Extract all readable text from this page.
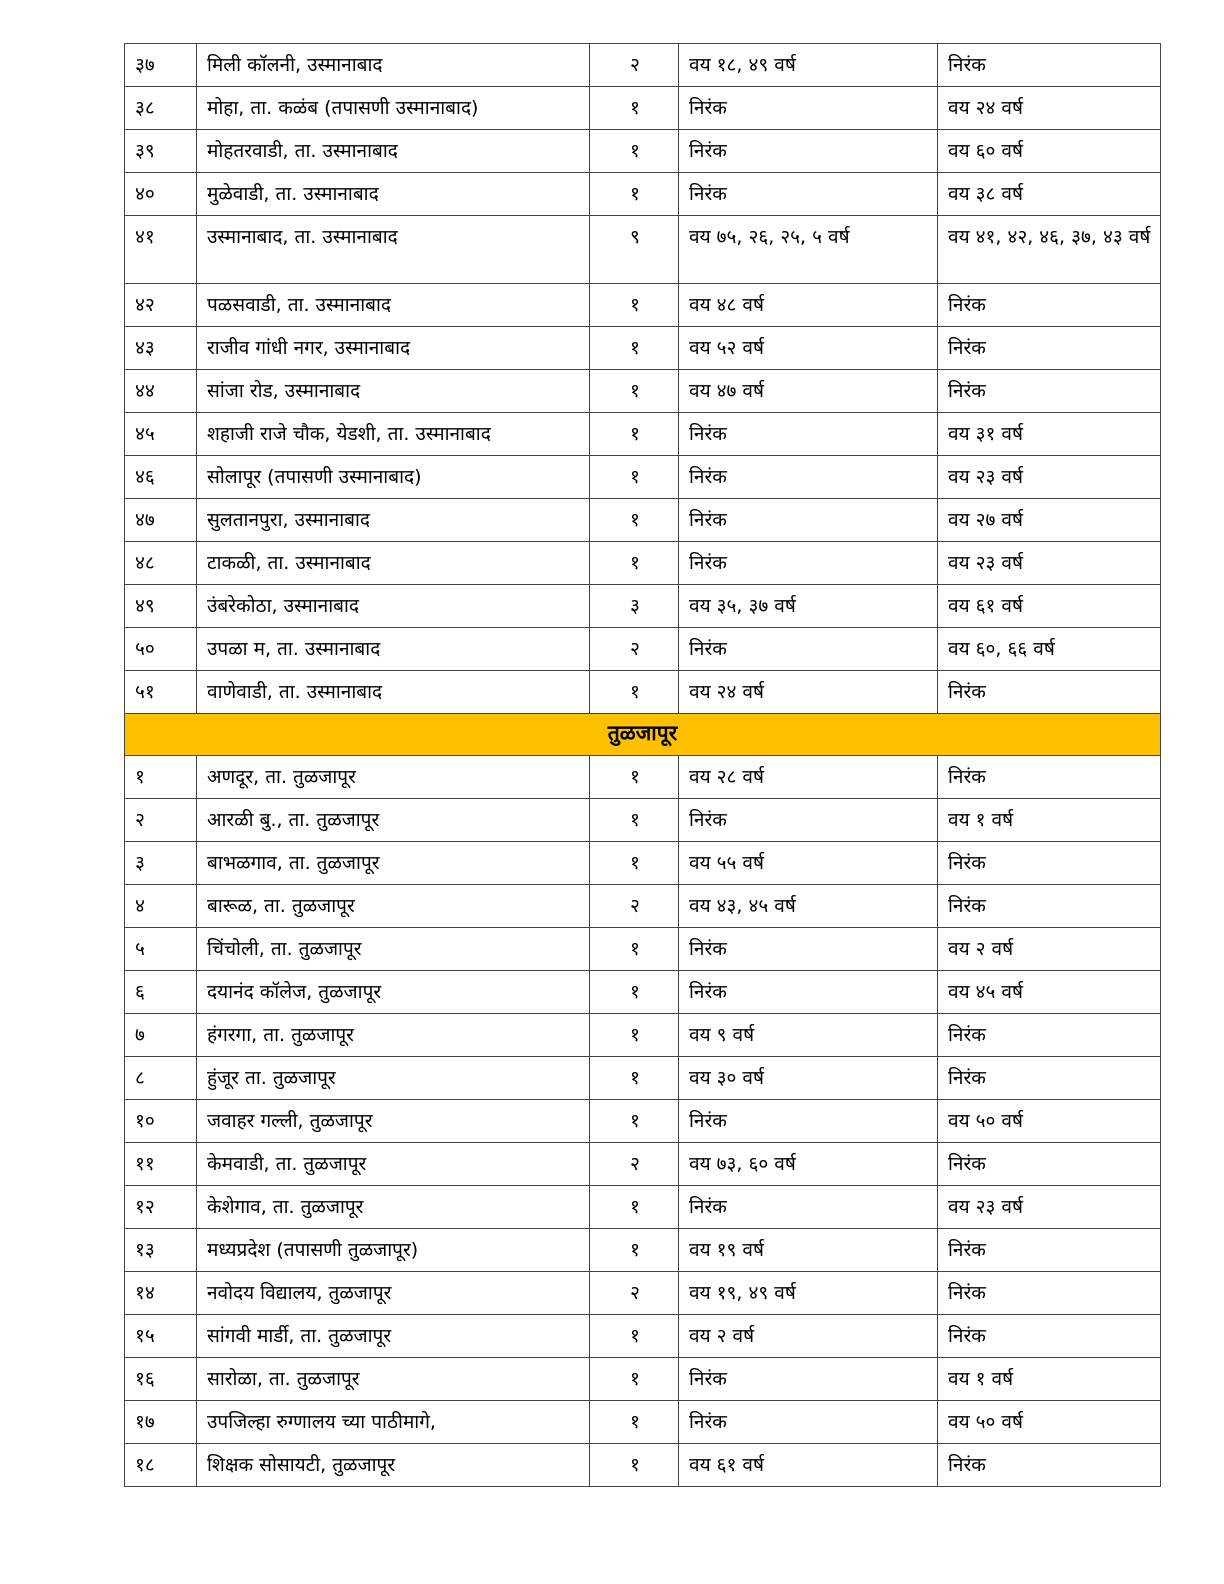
३७	मिली कॉलनी, उस्मानाबाद	२	वय १८, ४९ वर्ष	निरंक
३८	मोहा, ता. कळंब (तपासणी उस्मानाबाद)	१	निरंक	वय २४ वर्ष
३९	मोहतरवाडी, ता. उस्मानाबाद	१	निरंक	वय ६० वर्ष
४०	मुळेवाडी, ता. उस्मानाबाद	१	निरंक	वय ३८ वर्ष
४१	उस्मानाबाद, ता. उस्मानाबाद	९	वय ७५, २६, २५, ५ वर्ष	वय ४१, ४२, ४६, ३७, ४३ वर्ष
४२	पळसवाडी, ता. उस्मानाबाद	१	वय ४८ वर्ष	निरंक
४३	राजीव गांधी नगर, उस्मानाबाद	१	वय ५२ वर्ष	निरंक
४४	सांजा रोड, उस्मानाबाद	१	वय ४७ वर्ष	निरंक
४५	शहाजी राजे चौक, येडशी, ता. उस्मानाबाद	१	निरंक	वय ३१ वर्ष
४६	सोलापूर (तपासणी उस्मानाबाद)	१	निरंक	वय २३ वर्ष
४७	सुलतानपुरा, उस्मानाबाद	१	निरंक	वय २७ वर्ष
४८	टाकळी, ता. उस्मानाबाद	१	निरंक	वय २३ वर्ष
४९	उंबरेकोठा, उस्मानाबाद	३	वय ३५, ३७ वर्ष	वय ६१ वर्ष
५०	उपळा म, ता. उस्मानाबाद	२	निरंक	वय ६०, ६६ वर्ष
५१	वाणेवाडी, ता. उस्मानाबाद	१	वय २४ वर्ष	निरंक
तुळजापूर				
१	अणदूर, ता. तुळजापूर	१	वय २८ वर्ष	निरंक
२	आरळी बु., ता. तुळजापूर	१	निरंक	वय १ वर्ष
३	बाभळगाव, ता. तुळजापूर	१	वय ५५ वर्ष	निरंक
४	बारूळ, ता. तुळजापूर	२	वय ४३, ४५ वर्ष	निरंक
५	चिंचोली, ता. तुळजापूर	१	निरंक	वय २ वर्ष
६	दयानंद कॉलेज, तुळजापूर	१	निरंक	वय ४५ वर्ष
७	हंगरगा, ता. तुळजापूर	१	वय ९ वर्ष	निरंक
८	हुंजूर ता. तुळजापूर	१	वय ३० वर्ष	निरंक
१०	जवाहर गल्ली, तुळजापूर	१	निरंक	वय ५० वर्ष
११	केमवाडी, ता. तुळजापूर	२	वय ७३, ६० वर्ष	निरंक
१२	केशेगाव, ता. तुळजापूर	१	निरंक	वय २३ वर्ष
१३	मध्यप्रदेश (तपासणी तुळजापूर)	१	वय १९ वर्ष	निरंक
१४	नवोदय विद्यालय, तुळजापूर	२	वय १९, ४९ वर्ष	निरंक
१५	सांगवी मार्डी, ता. तुळजापूर	१	वय २ वर्ष	निरंक
१६	सारोळा, ता. तुळजापूर	१	निरंक	वय १ वर्ष
१७	उपजिल्हा रुग्णालय च्या पाठीमागे,	१	निरंक	वय ५० वर्ष
१८	शिक्षक सोसायटी, तुळजापूर	१	वय ६१ वर्ष	निरंक
